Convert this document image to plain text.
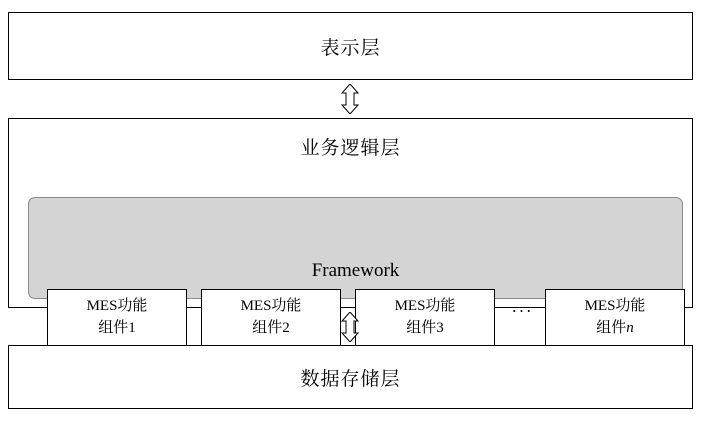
表示层
业务逻辑层
Framework
MES功能
组件1
MES功能
组件2
MES功能
组件3
...	MES功能
组件n
数据存储层
